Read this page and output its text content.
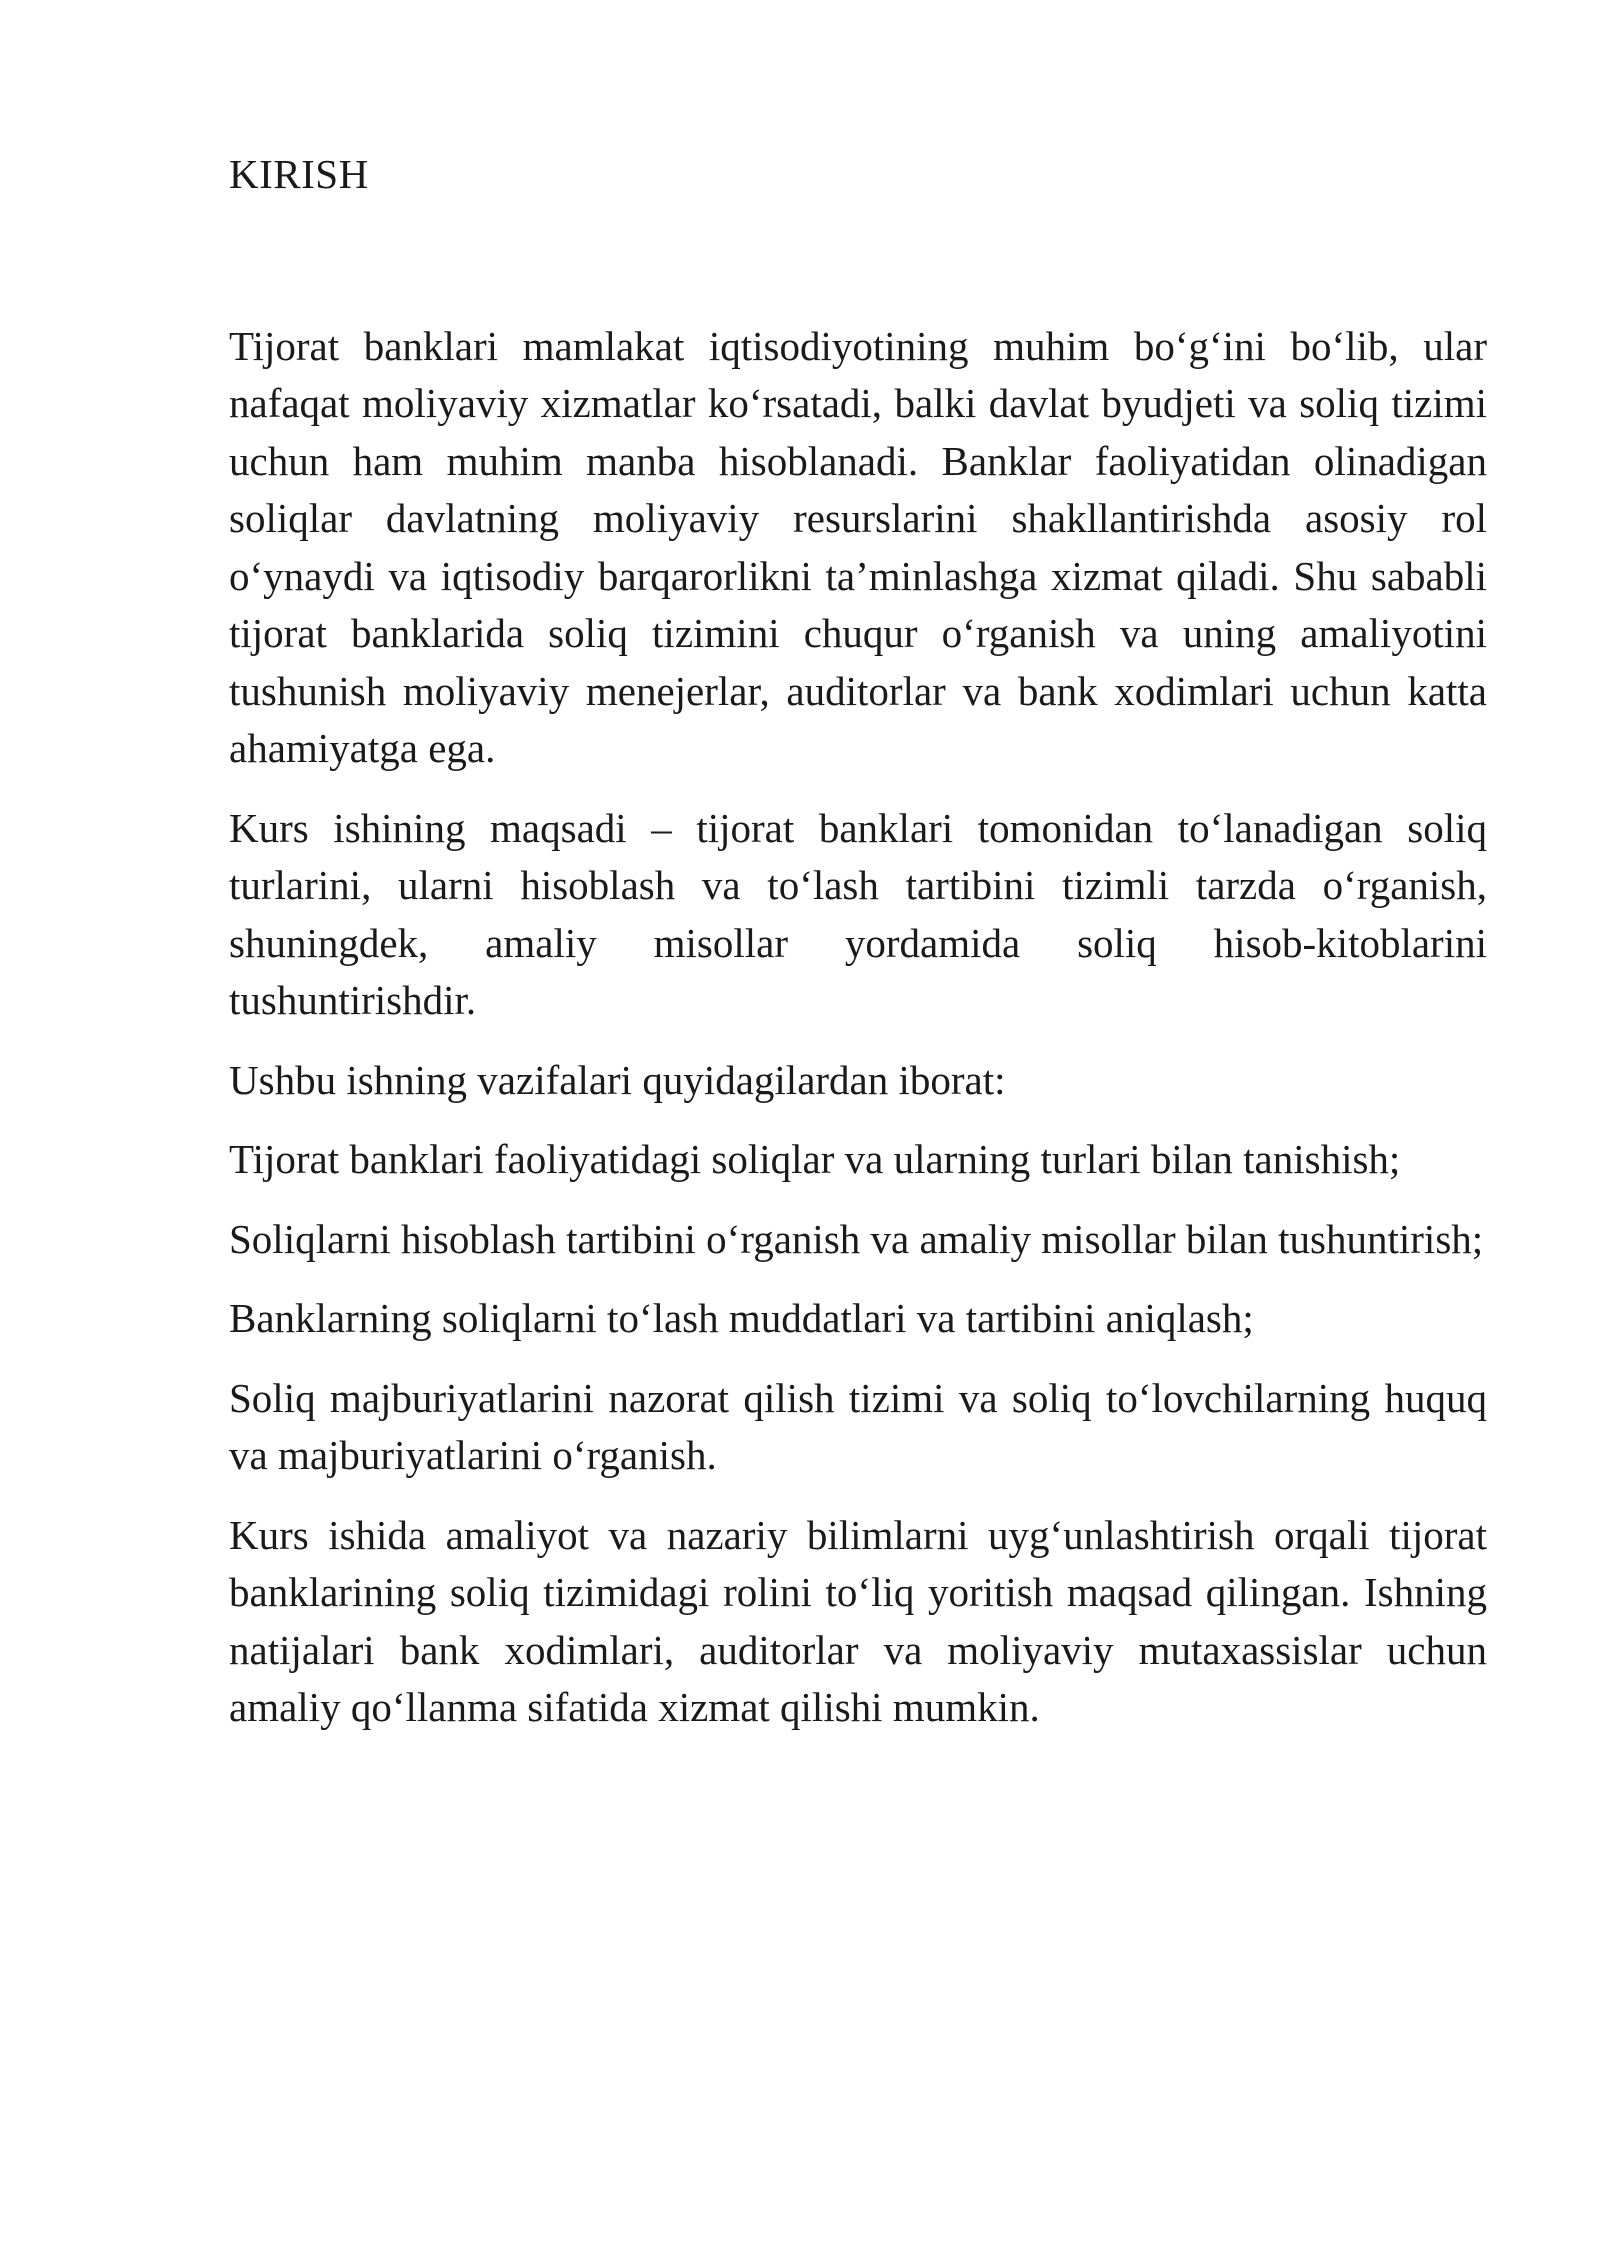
KIRISH

Tijorat banklari mamlakat iqtisodiyotining muhim bo‘g‘ini bo‘lib, ular nafaqat moliyaviy xizmatlar ko‘rsatadi, balki davlat byudjeti va soliq tizimi uchun ham muhim manba hisoblanadi. Banklar faoliyatidan olinadigan soliqlar davlatning moliyaviy resurslarini shakllantirishda asosiy rol o‘ynaydi va iqtisodiy barqarorlikni ta’minlashga xizmat qiladi. Shu sababli tijorat banklarida soliq tizimini chuqur o‘rganish va uning amaliyotini tushunish moliyaviy menejerlar, auditorlar va bank xodimlari uchun katta ahamiyatga ega.

Kurs ishining maqsadi – tijorat banklari tomonidan to‘lanadigan soliq turlarini, ularni hisoblash va to‘lash tartibini tizimli tarzda o‘rganish, shuningdek, amaliy misollar yordamida soliq hisob-kitoblarini tushuntirishdir.

Ushbu ishning vazifalari quyidagilardan iborat:

Tijorat banklari faoliyatidagi soliqlar va ularning turlari bilan tanishish;

Soliqlarni hisoblash tartibini o‘rganish va amaliy misollar bilan tushuntirish;

Banklarning soliqlarni to‘lash muddatlari va tartibini aniqlash;

Soliq majburiyatlarini nazorat qilish tizimi va soliq to‘lovchilarning huquq va majburiyatlarini o‘rganish.

Kurs ishida amaliyot va nazariy bilimlarni uyg‘unlashtirish orqali tijorat banklarining soliq tizimidagi rolini to‘liq yoritish maqsad qilingan. Ishning natijalari bank xodimlari, auditorlar va moliyaviy mutaxassislar uchun amaliy qo‘llanma sifatida xizmat qilishi mumkin.
